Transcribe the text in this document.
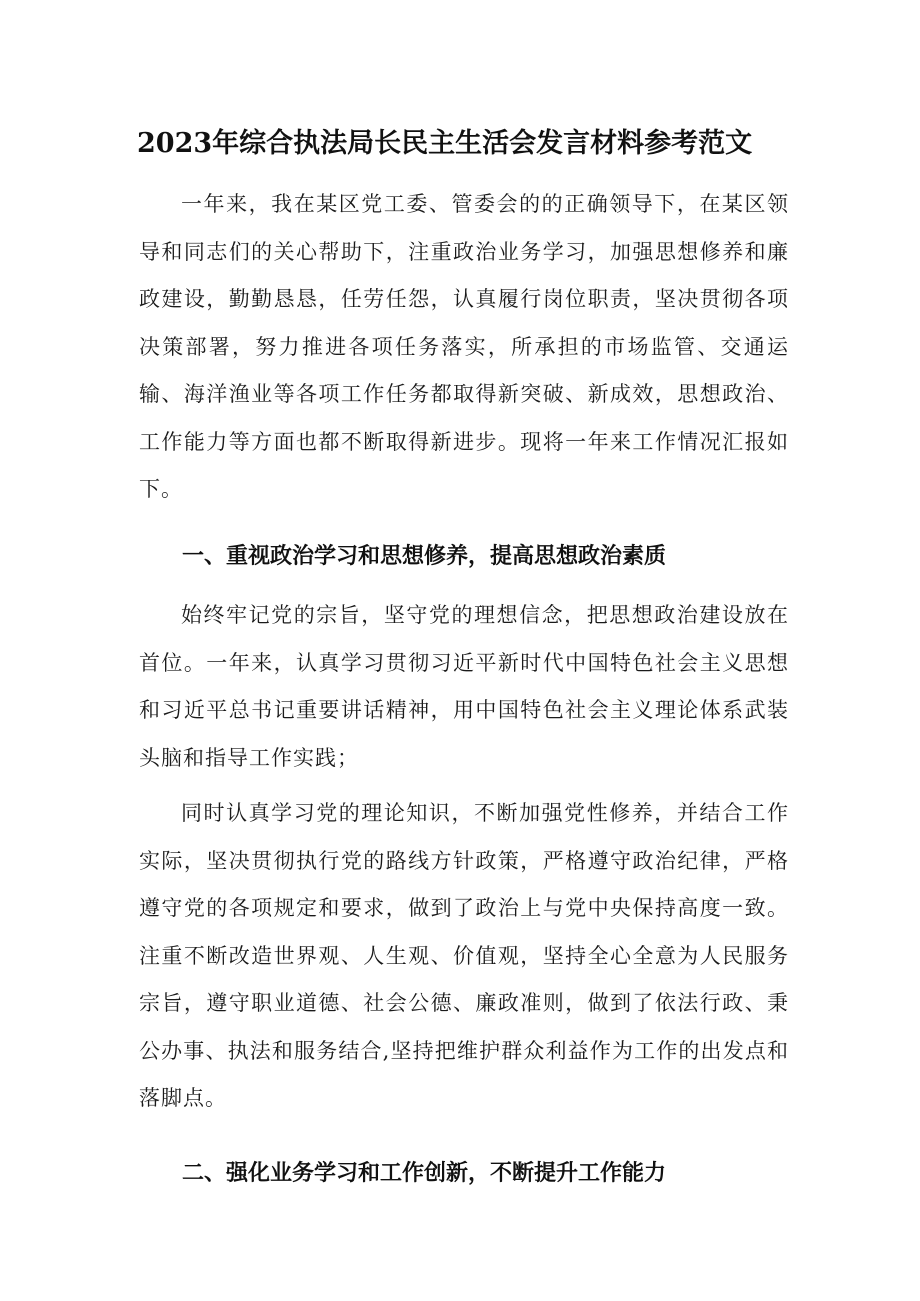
2023年综合执法局长民主生活会发言材料参考范文

一年来，我在某区党工委、管委会的的正确领导下，在某区领导和同志们的关心帮助下，注重政治业务学习，加强思想修养和廉政建设，勤勤恳恳，任劳任怨，认真履行岗位职责，坚决贯彻各项决策部署，努力推进各项任务落实，所承担的市场监管、交通运输、海洋渔业等各项工作任务都取得新突破、新成效，思想政治、工作能力等方面也都不断取得新进步。现将一年来工作情况汇报如下。

一、重视政治学习和思想修养，提高思想政治素质

始终牢记党的宗旨，坚守党的理想信念，把思想政治建设放在首位。一年来，认真学习贯彻习近平新时代中国特色社会主义思想和习近平总书记重要讲话精神，用中国特色社会主义理论体系武装头脑和指导工作实践；

同时认真学习党的理论知识，不断加强党性修养，并结合工作实际，坚决贯彻执行党的路线方针政策，严格遵守政治纪律，严格遵守党的各项规定和要求，做到了政治上与党中央保持高度一致。注重不断改造世界观、人生观、价值观，坚持全心全意为人民服务宗旨，遵守职业道德、社会公德、廉政准则，做到了依法行政、秉公办事、执法和服务结合,坚持把维护群众利益作为工作的出发点和落脚点。

二、强化业务学习和工作创新，不断提升工作能力
